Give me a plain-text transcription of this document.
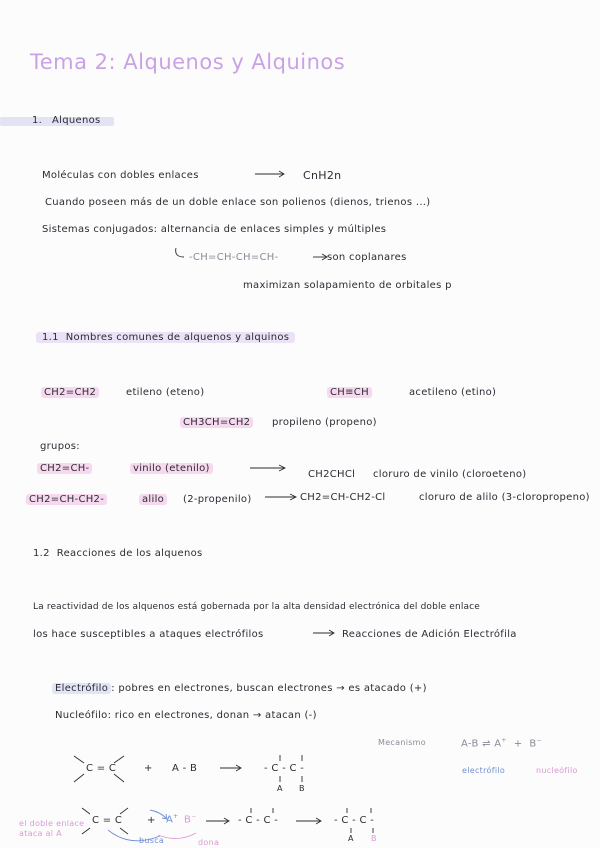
Tema 2: Alquenos y Alquinos
1. Alquenos
Moléculas con dobles enlaces	CnH2n
Cuando poseen más de un doble enlace son polienos (dienos, trienos ...)
Sistemas conjugados: alternancia de enlaces simples y múltiples
-CH=CH-CH=CH-	son coplanares
maximizan solapamiento de orbitales p
1.1 Nombres comunes de alquenos y alquinos
CH2=CH2	etileno (eteno)	CH≡CH	acetileno (etino)
CH3CH=CH2	propileno (propeno)
grupos:
CH2=CH-	vinilo (etenilo)
CH2CHCl cloruro de vinilo (cloroeteno)
CH2=CH-CH2-	alilo	(2-propenilo)	CH2=CH-CH2-Cl	cloruro de alilo (3-cloropropeno)
1.2 Reacciones de los alquenos
La reactividad de los alquenos está gobernada por la alta densidad electrónica del doble enlace
los hace susceptibles a ataques electrófilos	Reacciones de Adición Electrófila
Electrófilo : pobres en electrones, buscan electrones → es atacado (+)
Nucleófilo: rico en electrones, donan → atacan (-)
Mecanismo	A-B ⇌ A+ + B−
electrófilo	nucleófilo
C = C	+ A - B	- C - C -
A B
el doble enlace ataca al A
C = C + A+ B−	- C - C -	- C - C -
busca	dona	A B
